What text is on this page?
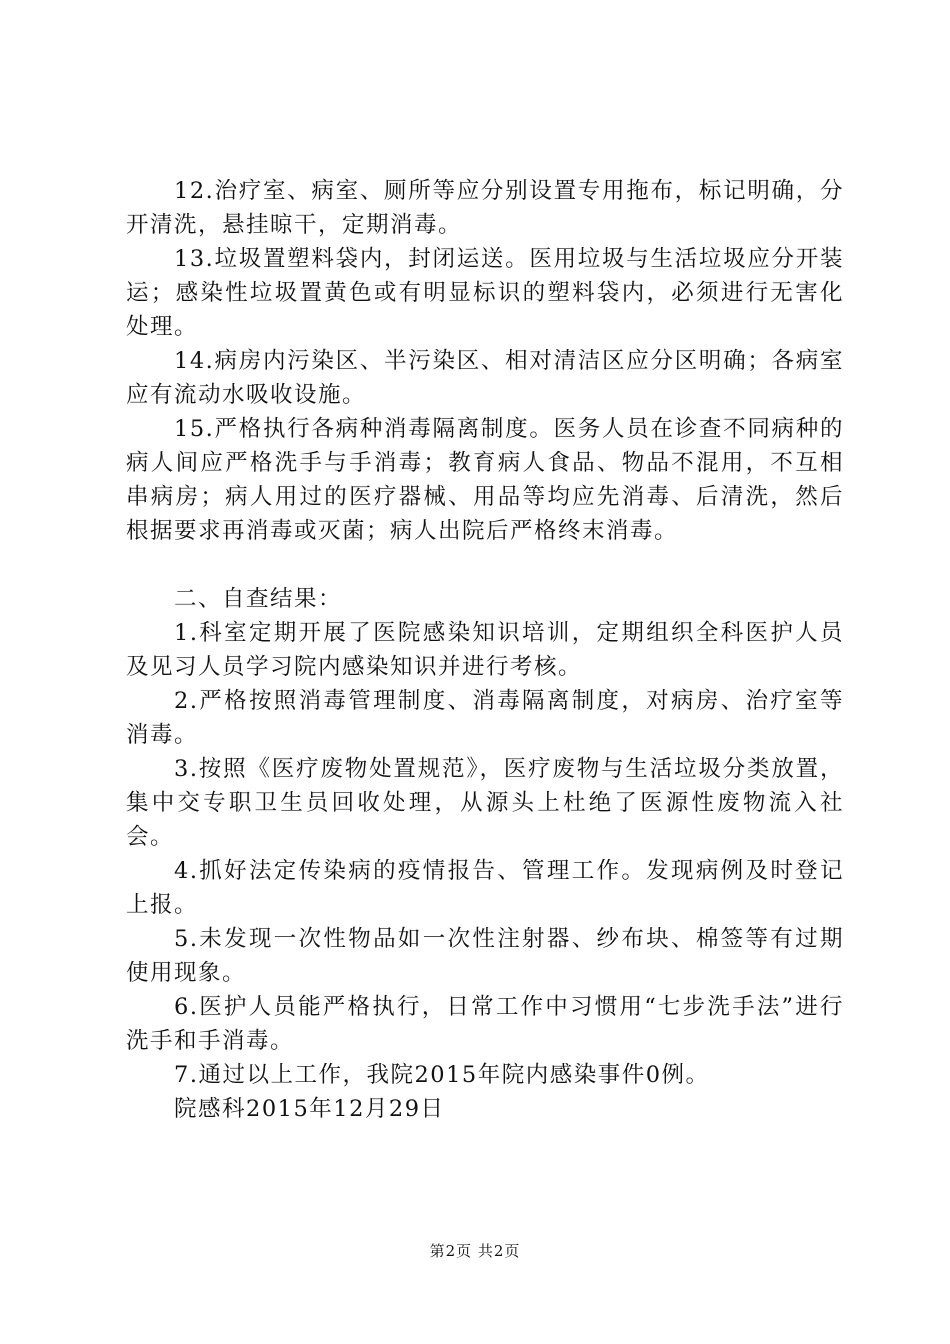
12.治疗室、病室、厕所等应分别设置专用拖布，标记明确，分开清洗，悬挂晾干，定期消毒。

13.垃圾置塑料袋内，封闭运送。医用垃圾与生活垃圾应分开装运；感染性垃圾置黄色或有明显标识的塑料袋内，必须进行无害化处理。

14.病房内污染区、半污染区、相对清洁区应分区明确；各病室应有流动水吸收设施。

15.严格执行各病种消毒隔离制度。医务人员在诊查不同病种的病人间应严格洗手与手消毒；教育病人食品、物品不混用，不互相串病房；病人用过的医疗器械、用品等均应先消毒、后清洗，然后根据要求再消毒或灭菌；病人出院后严格终末消毒。

二、自查结果：

1.科室定期开展了医院感染知识培训，定期组织全科医护人员及见习人员学习院内感染知识并进行考核。

2.严格按照消毒管理制度、消毒隔离制度，对病房、治疗室等消毒。

3.按照《医疗废物处置规范》，医疗废物与生活垃圾分类放置，集中交专职卫生员回收处理，从源头上杜绝了医源性废物流入社会。

4.抓好法定传染病的疫情报告、管理工作。发现病例及时登记上报。

5.未发现一次性物品如一次性注射器、纱布块、棉签等有过期使用现象。

6.医护人员能严格执行，日常工作中习惯用“七步洗手法”进行洗手和手消毒。

7.通过以上工作，我院2015年院内感染事件0例。

院感科2015年12月29日

第2页 共2页
